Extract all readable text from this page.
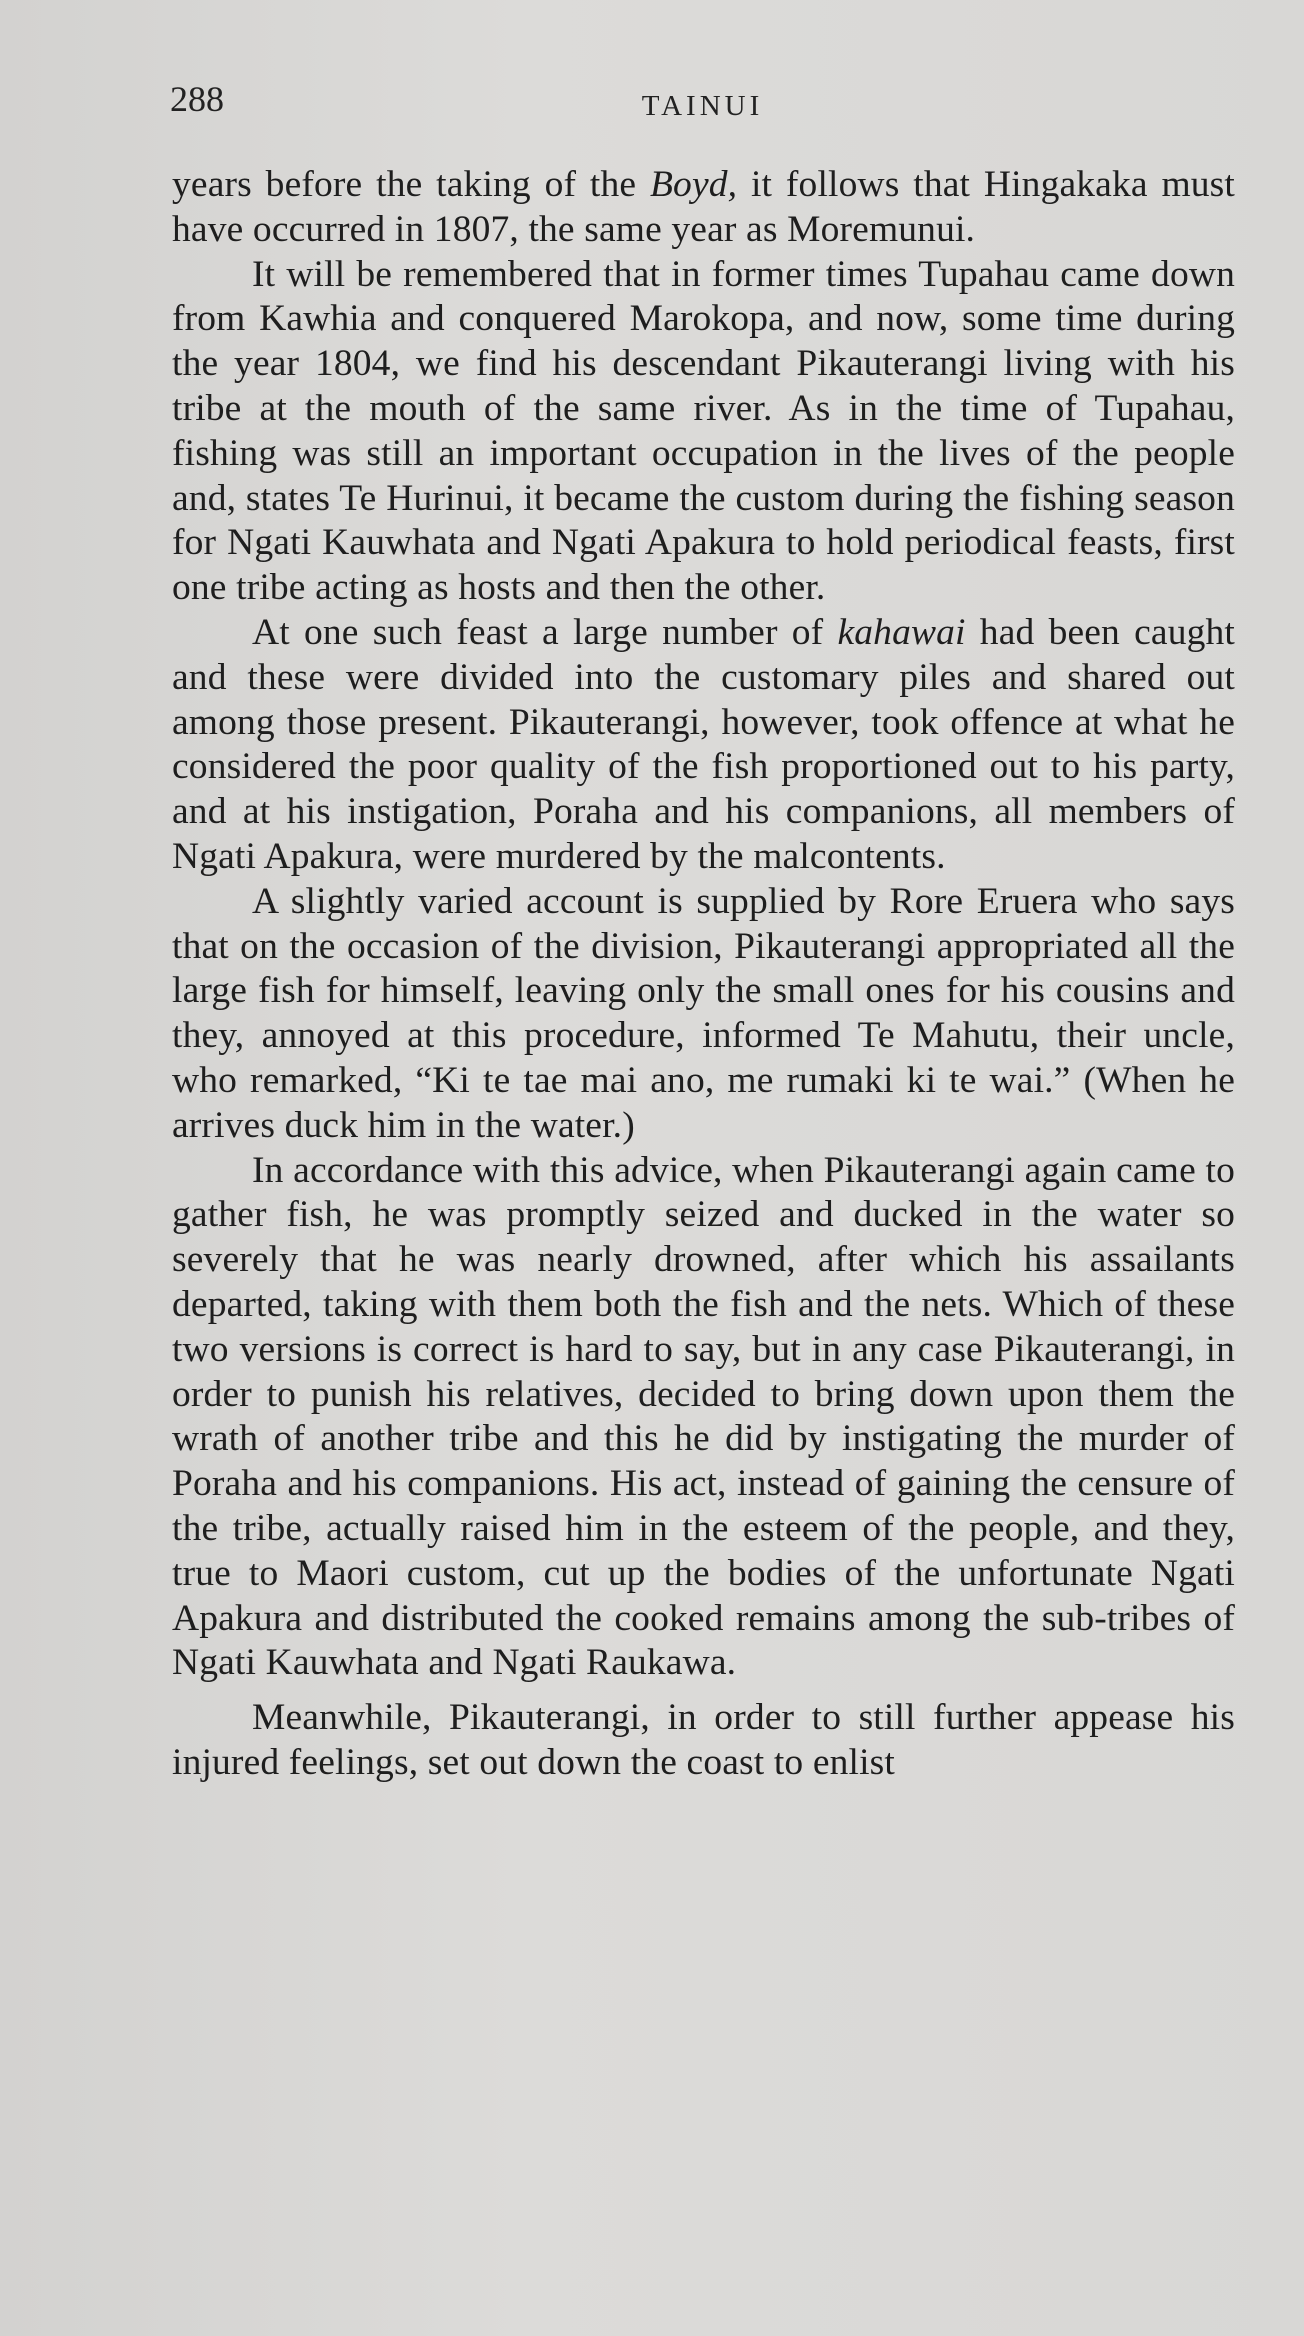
288	TAINUI

years before the taking of the Boyd, it follows that Hingakaka must have occurred in 1807, the same year as Moremunui.

It will be remembered that in former times Tupahau came down from Kawhia and conquered Marokopa, and now, some time during the year 1804, we find his descendant Pikauterangi living with his tribe at the mouth of the same river. As in the time of Tupahau, fishing was still an important occupation in the lives of the people and, states Te Hurinui, it became the custom during the fishing season for Ngati Kauwhata and Ngati Apakura to hold periodical feasts, first one tribe acting as hosts and then the other.

At one such feast a large number of kahawai had been caught and these were divided into the customary piles and shared out among those present. Pikauterangi, however, took offence at what he considered the poor quality of the fish proportioned out to his party, and at his instigation, Poraha and his companions, all members of Ngati Apakura, were murdered by the malcontents.

A slightly varied account is supplied by Rore Eruera who says that on the occasion of the division, Pikauterangi appropriated all the large fish for himself, leaving only the small ones for his cousins and they, annoyed at this procedure, informed Te Mahutu, their uncle, who remarked, “Ki te tae mai ano, me rumaki ki te wai.” (When he arrives duck him in the water.)

In accordance with this advice, when Pikauterangi again came to gather fish, he was promptly seized and ducked in the water so severely that he was nearly drowned, after which his assailants departed, taking with them both the fish and the nets. Which of these two versions is correct is hard to say, but in any case Pikauterangi, in order to punish his relatives, decided to bring down upon them the wrath of another tribe and this he did by instigating the murder of Poraha and his companions. His act, instead of gaining the censure of the tribe, actually raised him in the esteem of the people, and they, true to Maori custom, cut up the bodies of the unfortunate Ngati Apakura and distributed the cooked remains among the sub-tribes of Ngati Kauwhata and Ngati Raukawa.

Meanwhile, Pikauterangi, in order to still further appease his injured feelings, set out down the coast to enlist
